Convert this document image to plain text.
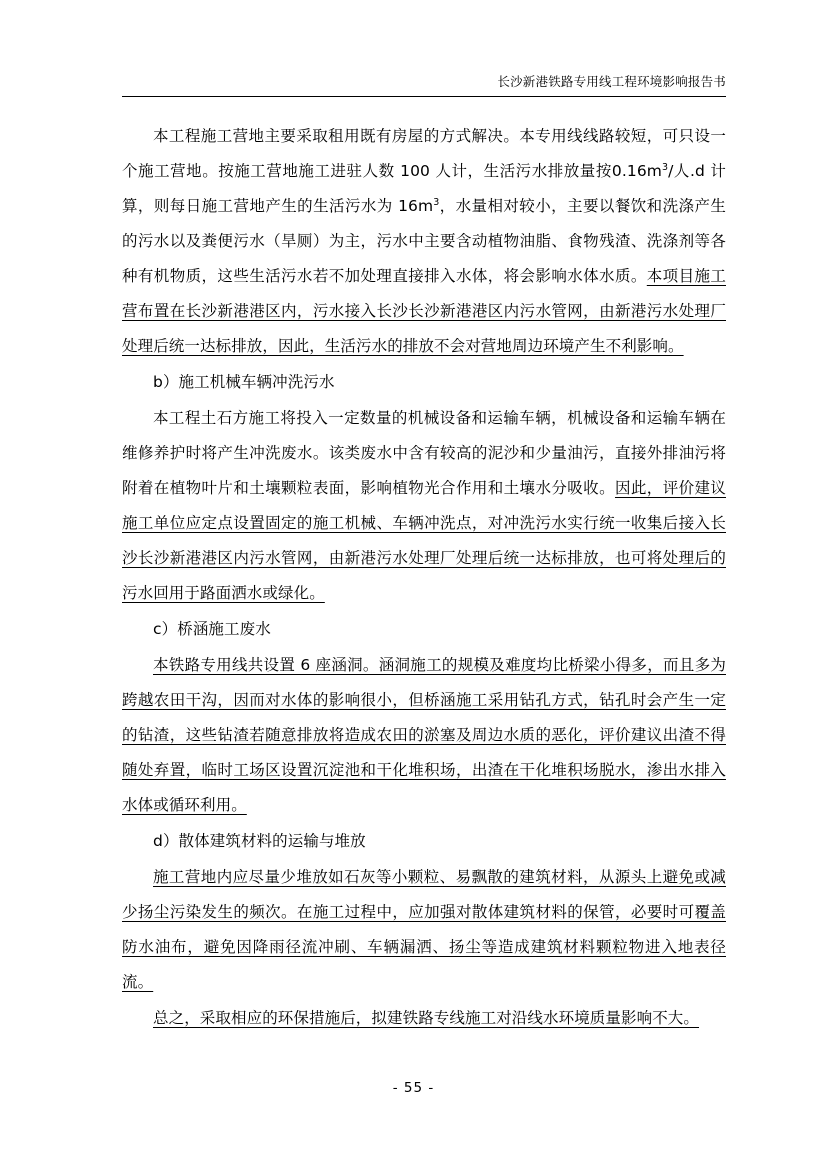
长沙新港铁路专用线工程环境影响报告书

本工程施工营地主要采取租用既有房屋的方式解决。本专用线线路较短，可只设一个施工营地。按施工营地施工进驻人数 100 人计，生活污水排放量按$0.16m^3/$人.d 计算，则每日施工营地产生的生活污水为 $16m^3$，水量相对较小，主要以餐饮和洗涤产生的污水以及粪便污水（旱厕）为主，污水中主要含动植物油脂、食物残渣、洗涤剂等各种有机物质，这些生活污水若不加处理直接排入水体，将会影响水体水质。本项目施工营布置在长沙新港港区内，污水接入长沙长沙新港港区内污水管网，由新港污水处理厂处理后统一达标排放，因此，生活污水的排放不会对营地周边环境产生不利影响。

b）施工机械车辆冲洗污水

本工程土石方施工将投入一定数量的机械设备和运输车辆，机械设备和运输车辆在维修养护时将产生冲洗废水。该类废水中含有较高的泥沙和少量油污，直接外排油污将附着在植物叶片和土壤颗粒表面，影响植物光合作用和土壤水分吸收。因此，评价建议施工单位应定点设置固定的施工机械、车辆冲洗点，对冲洗污水实行统一收集后接入长沙长沙新港港区内污水管网，由新港污水处理厂处理后统一达标排放，也可将处理后的污水回用于路面洒水或绿化。

c）桥涵施工废水

本铁路专用线共设置 6 座涵洞。涵洞施工的规模及难度均比桥梁小得多，而且多为跨越农田干沟，因而对水体的影响很小，但桥涵施工采用钻孔方式，钻孔时会产生一定的钻渣，这些钻渣若随意排放将造成农田的淤塞及周边水质的恶化，评价建议出渣不得随处弃置，临时工场区设置沉淀池和干化堆积场，出渣在干化堆积场脱水，渗出水排入水体或循环利用。

d）散体建筑材料的运输与堆放

施工营地内应尽量少堆放如石灰等小颗粒、易飘散的建筑材料，从源头上避免或减少扬尘污染发生的频次。在施工过程中，应加强对散体建筑材料的保管，必要时可覆盖防水油布，避免因降雨径流冲刷、车辆漏洒、扬尘等造成建筑材料颗粒物进入地表径流。

总之，采取相应的环保措施后，拟建铁路专线施工对沿线水环境质量影响不大。

- 55 -
